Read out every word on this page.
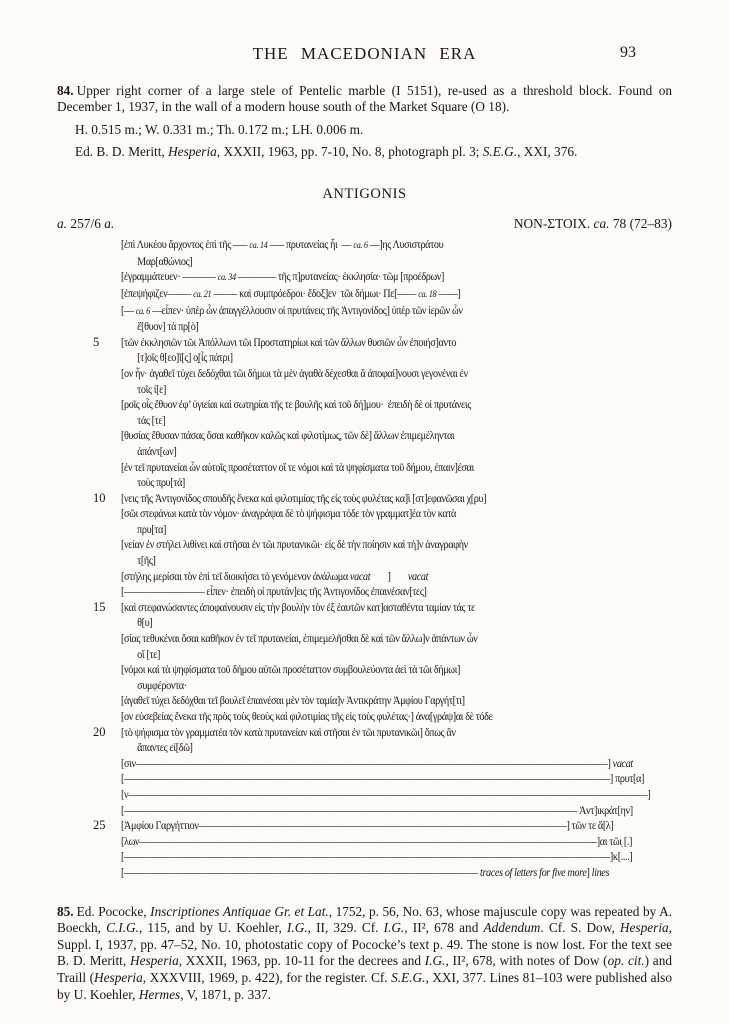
THE MACEDONIAN ERA	93

84. Upper right corner of a large stele of Pentelic marble (I 5151), re-used as a threshold block. Found on December 1, 1937, in the wall of a modern house south of the Market Square (O 18).

H. 0.515 m.; W. 0.331 m.; Th. 0.172 m.; LH. 0.006 m.

Ed. B. D. Meritt, Hesperia, XXXII, 1963, pp. 7-10, No. 8, photograph pl. 3; S.E.G., XXI, 376.

ANTIGONIS
a. 257/6 a.	NON-ΣΤΟΙΧ. ca. 78 (72–83)
[ἐπὶ Λυκέου ἄρχοντος ἐπὶ τῆς ––– ca. 14 ––– πρυτανείας ἧι  –– ca. 6 ––]ης Λυσιστράτου
Μαρ[αθώνιος]
[ἐγραμμάτευεν· ––––––– ca. 34 –––––––– τῆς π]ρυτανείας· ἐκκλησία· τῶμ [προέδρων]
[ἐπεψήφιζεν––––– ca. 21 ––––– καὶ συμπρόεδροι· ἔδοξ]εν  τῶι δήμωι· Πε[–––– ca. 18 ––––]
[–– ca. 6 ––εἶπεν· ὑπὲρ ὧν ἀπαγγέλλουσιν οἱ πρυτάνεις τῆς Ἀντιγονίδος] ὑπὲρ τῶν ἱερῶν ὧν
ἔ[θυον] τὰ πρ[ὸ]
5	[τῶν ἐκκλησιῶν τῶι Ἀπόλλωνι τῶι Προστατηρίωι καὶ τῶν ἄλλων θυσιῶν ὧν ἐποιήσ]αντο
[τ]οῖς θ[εο]ῖ[ς] ο̣[ἷς πάτρι]
[ον ἦν· ἀγαθεῖ τύχει δεδόχθαι τῶι δήμωι τὰ μὲν ἀγαθὰ δέχεσθαι ἃ ἀποφαί]νουσι γεγονέναι ἐν
τοῖς ἱ[ε]
[ροῖς οἷς ἔθυον ἐφ’ ὑγιείαι καὶ σωτηρίαι τῆς τε βουλῆς καὶ τοῦ δή]μου·  ἐπειδὴ δὲ οἱ πρυτάνεις
τάς [τε]
[θυσίας ἔθυσαν πάσας ὅσαι καθῆκον καλῶς καὶ φιλοτίμως, τῶν δὲ] ἄλλων ἐπιμεμέληνται
ἁπάντ[ων]
[ἐν τεῖ πρυτανείαι ὧν αὐτοῖς προσέταττον οἵ τε νόμοι καὶ τὰ ψηφίσματα τοῦ δήμου, ἐπαιν]έσαι
τοὺς πρυ[τά]
10	[νεις τῆς Ἀντιγονίδος σπουδῆς ἕνεκα καὶ φιλοτιμίας τῆς εἰς τοὺς φυλέτας κα]ὶ [στ]εφανῶσαι χ[ρυ]
[σῶι στεφάνωι κατὰ τὸν νόμον· ἀναγράψαι δὲ τὸ ψήφισμα τόδε τὸν γραμματ]έα τὸν κατὰ
πρυ[τα]
[νείαν ἐν στήλει λιθίνει καὶ στῆσαι ἐν τῶι πρυτανικῶι· εἰς δὲ τὴν ποίησιν καὶ τὴ]ν ἀναγραφὴν
τ[ῆς]
[στήλης μερίσαι τὸν ἐπὶ τεῖ διοικήσει τὸ γενόμενον ἀνάλωμα vacat        ]        vacat
[––––––––––––––––– εἶπεν· ἐπειδὴ οἱ πρυτάν]εις τῆς Ἀντιγονίδος ἐπαινέσαν[τες]
15	[καὶ στεφανώσαντες ἀποφαίνουσιν εἰς τὴν βουλὴν τὸν ἐξ ἑαυτῶν κατ]ασταθέντα ταμίαν τάς τε
θ[υ]
[σίας τεθυκέναι ὅσαι καθῆκον ἐν τεῖ πρυτανείαι, ἐπιμεμελῆσθαι δὲ καὶ τῶν ἄλλω]ν ἁπάντων ὧν
οἵ [τε]
[νόμοι καὶ τὰ ψηφίσματα τοῦ δήμου αὐτῶι προσέταττον συμβουλεύοντα ἀεὶ τὰ τῶι δήμωι]
συμφέροντα·
[ἀγαθεῖ τύχει δεδόχθαι τεῖ βουλεῖ ἐπαινέσαι μὲν τὸν ταμία]ν Ἀντικράτην Ἀμφίου Γαργήτ[τι]
[ον εὐσεβείας ἕνεκα τῆς πρὸς τοὺς θεοὺς καὶ φιλοτιμίας τῆς εἰς τοὺς φυλέτας·] ἀνα[γράψ]αι δὲ τόδε
20	[τὸ ψήφισμα τὸν γραμματέα τὸν κατὰ πρυτανείαν καὶ στῆσαι ἐν τῶι πρυτανικῶι] ὅπως ἂν
ἅπαντες εἰ[δῶ]
[σιν––––––––––––––––––––––––––––––––––––––––––––––––––––––––––––––––––––––––––––––––––––––––––––––––––––] vacat
[–––––––––––––––––––––––––––––––––––––––––––––––––––––––––––––––––––––––––––––––––––––––––––––––––––––––] πρυτ[α]
[ν––––––––––––––––––––––––––––––––––––––––––––––––––––––––––––––––––––––––––––––––––––––––––––––––––––––––––––––]
[–––––––––––––––––––––––––––––––––––––––––––––––––––––––––––––––––––––––––––––––––––––––––––––––– Ἀντ]ικράτ[ην]
25	[Ἀμφίου Γαργήττιον––––––––––––––––––––––––––––––––––––––––––––––––––––––––––––––––––––––––––––––] τῶν τε ἄ[λ]
[λων–––––––––––––––––––––––––––––––––––––––––––––––––––––––––––––––––––––––––––––––––––––––––––––––––]αι τῶι̣ [.]
[–––––––––––––––––––––––––––––––––––––––––––––––––––––––––––––––––––––––––––––––––––––––––––––––––––––––]κ[....]
[––––––––––––––––––––––––––––––––––––––––––––––––––––––––––––––––––––––––––– traces of letters for five more] lines

85. Ed. Pococke, Inscriptiones Antiquae Gr. et Lat., 1752, p. 56, No. 63, whose majuscule copy was repeated by A. Boeckh, C.I.G., 115, and by U. Koehler, I.G., II, 329. Cf. I.G., II², 678 and Addendum. Cf. S. Dow, Hesperia, Suppl. I, 1937, pp. 47–52, No. 10, photostatic copy of Pococke’s text p. 49. The stone is now lost. For the text see B. D. Meritt, Hesperia, XXXII, 1963, pp. 10-11 for the decrees and I.G., II², 678, with notes of Dow (op. cit.) and Traill (Hesperia, XXXVIII, 1969, p. 422), for the register. Cf. S.E.G., XXI, 377. Lines 81–103 were published also by U. Koehler, Hermes, V, 1871, p. 337.
